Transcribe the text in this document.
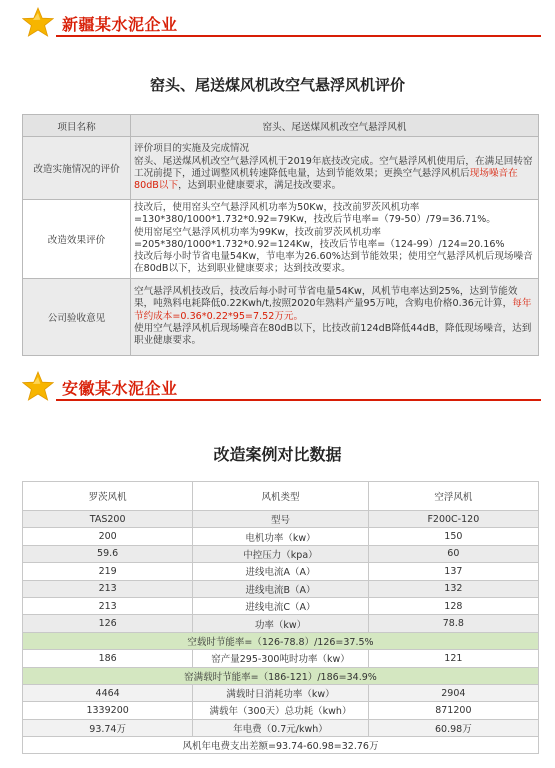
新疆某水泥企业
窑头、尾送煤风机改空气悬浮风机评价
项目名称	窑头、尾送煤风机改空气悬浮风机
改造实施情况的评价	评价项目的实施及完成情况
窑头、尾送煤风机改空气悬浮风机于2019年底技改完成。空气悬浮风机使用后，在满足回转窑工况前提下，通过调整风机转速降低电量，达到节能效果；更换空气悬浮风机后现场噪音在80dB以下，达到职业健康要求，满足技改要求。
改造效果评价	技改后，使用窑头空气悬浮风机功率为50Kw，技改前罗茨风机功率
=130*380/1000*1.732*0.92=79Kw，技改后节电率=（79-50）/79=36.71%。
使用窑尾空气悬浮风机功率为99Kw，技改前罗茨风机功率
=205*380/1000*1.732*0.92=124Kw，技改后节电率=（124-99）/124=20.16%
技改后每小时节省电量54Kw，节电率为26.60%达到节能效果；使用空气悬浮风机后现场噪音在80dB以下，达到职业健康要求；达到技改要求。

公司验收意见	空气悬浮风机技改后，技改后每小时可节省电量54Kw，风机节电率达到25%，达到节能效果，吨熟料电耗降低0.22Kwh/t,按照2020年熟料产量95万吨，含购电价格0.36元计算，每年节约成本=0.36*0.22*95=7.52万元。
使用空气悬浮风机后现场噪音在80dB以下，比技改前124dB降低44dB，降低现场噪音，达到职业健康要求。
安徽某水泥企业
改造案例对比数据
罗茨风机	风机类型	空浮风机
TAS200	型号	F200C-120
200	电机功率（kw）	150
59.6	中控压力（kpa）	60
219	进线电流A（A）	137
213	进线电流B（A）	132
213	进线电流C（A）	128
126	功率（kw）	78.8
空载时节能率=（126-78.8）/126=37.5%		
186	窑产量295-300吨时功率（kw）	121
窑满载时节能率=（186-121）/186=34.9%		
4464	满载时日消耗功率（kw）	2904
1339200	满载年（300天）总功耗（kwh）	871200
93.74万	年电费（0.7元/kwh）	60.98万
风机年电费支出差额=93.74-60.98=32.76万		
